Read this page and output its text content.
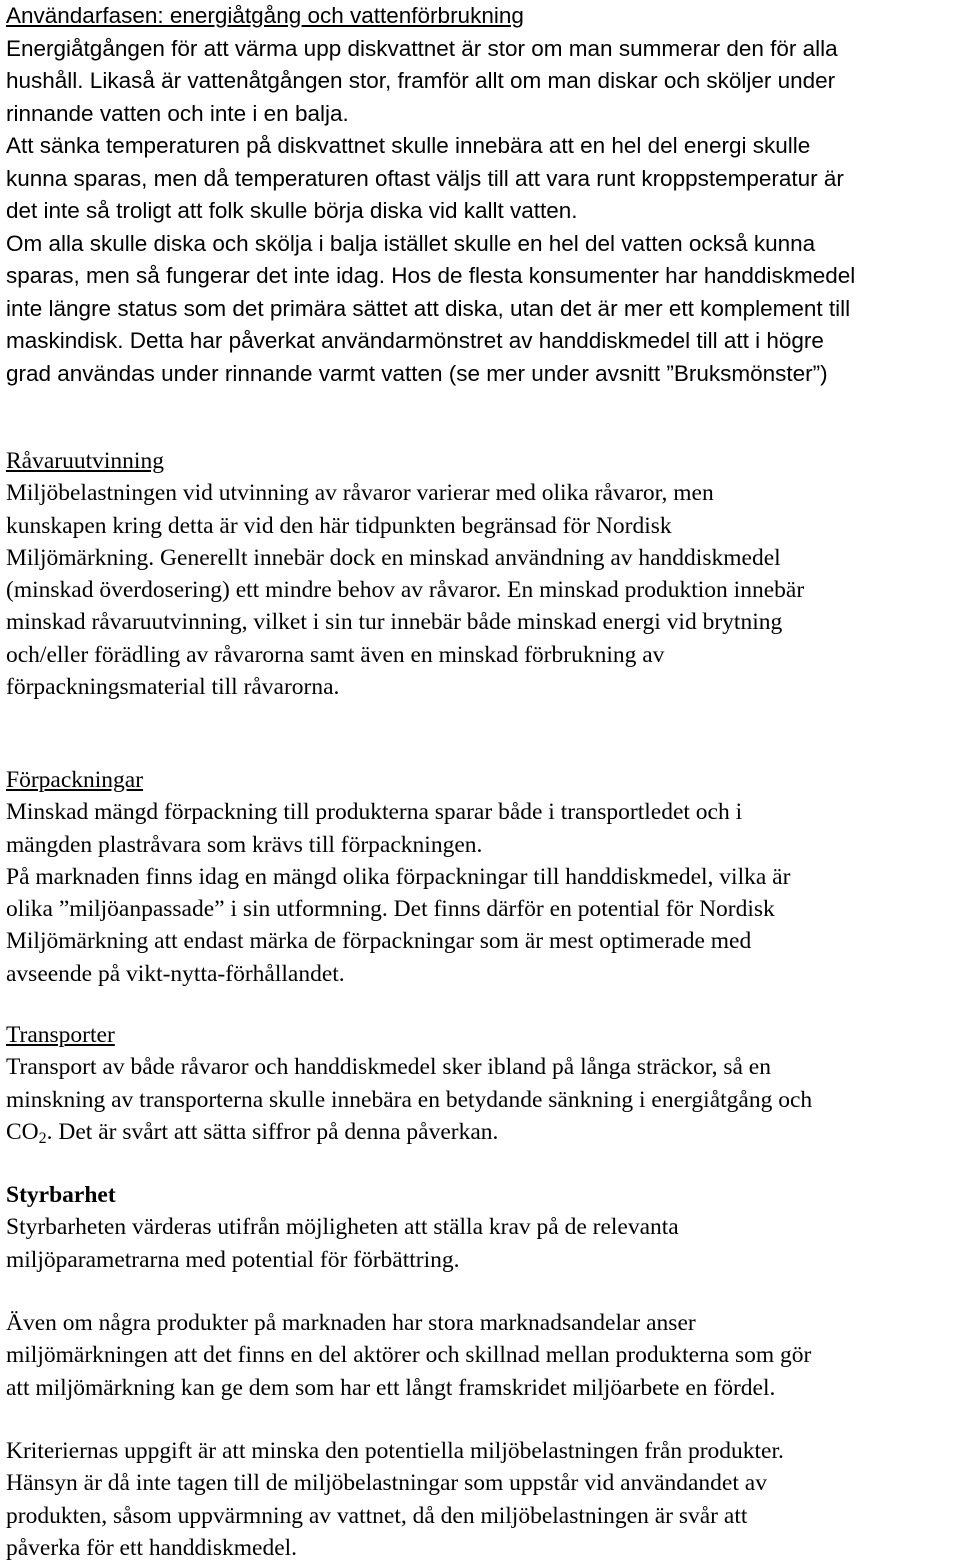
Användarfasen: energiåtgång och vattenförbrukning

Energiåtgången för att värma upp diskvattnet är stor om man summerar den för alla

hushåll. Likaså är vattenåtgången stor, framför allt om man diskar och sköljer under

rinnande vatten och inte i en balja.

Att sänka temperaturen på diskvattnet skulle innebära att en hel del energi skulle

kunna sparas, men då temperaturen oftast väljs till att vara runt kroppstemperatur är

det inte så troligt att folk skulle börja diska vid kallt vatten.

Om alla skulle diska och skölja i balja istället skulle en hel del vatten också kunna

sparas, men så fungerar det inte idag. Hos de flesta konsumenter har handdiskmedel

inte längre status som det primära sättet att diska, utan det är mer ett komplement till

maskindisk. Detta har påverkat användarmönstret av handdiskmedel till att i högre

grad användas under rinnande varmt vatten (se mer under avsnitt ”Bruksmönster”)

Råvaruutvinning

Miljöbelastningen vid utvinning av råvaror varierar med olika råvaror, men

kunskapen kring detta är vid den här tidpunkten begränsad för Nordisk

Miljömärkning. Generellt innebär dock en minskad användning av handdiskmedel

(minskad överdosering) ett mindre behov av råvaror. En minskad produktion innebär

minskad råvaruutvinning, vilket i sin tur innebär både minskad energi vid brytning

och/eller förädling av råvarorna samt även en minskad förbrukning av

förpackningsmaterial till råvarorna.

Förpackningar

Minskad mängd förpackning till produkterna sparar både i transportledet och i

mängden plastråvara som krävs till förpackningen.

På marknaden finns idag en mängd olika förpackningar till handdiskmedel, vilka är

olika ”miljöanpassade” i sin utformning. Det finns därför en potential för Nordisk

Miljömärkning att endast märka de förpackningar som är mest optimerade med

avseende på vikt-nytta-förhållandet.

Transporter

Transport av både råvaror och handdiskmedel sker ibland på långa sträckor, så en

minskning av transporterna skulle innebära en betydande sänkning i energiåtgång och

$CO_2$. Det är svårt att sätta siffror på denna påverkan.

Styrbarhet

Styrbarheten värderas utifrån möjligheten att ställa krav på de relevanta

miljöparametrarna med potential för förbättring.

Även om några produkter på marknaden har stora marknadsandelar anser

miljömärkningen att det finns en del aktörer och skillnad mellan produkterna som gör

att miljömärkning kan ge dem som har ett långt framskridet miljöarbete en fördel.

Kriteriernas uppgift är att minska den potentiella miljöbelastningen från produkter.

Hänsyn är då inte tagen till de miljöbelastningar som uppstår vid användandet av

produkten, såsom uppvärmning av vattnet, då den miljöbelastningen är svår att

påverka för ett handdiskmedel.
